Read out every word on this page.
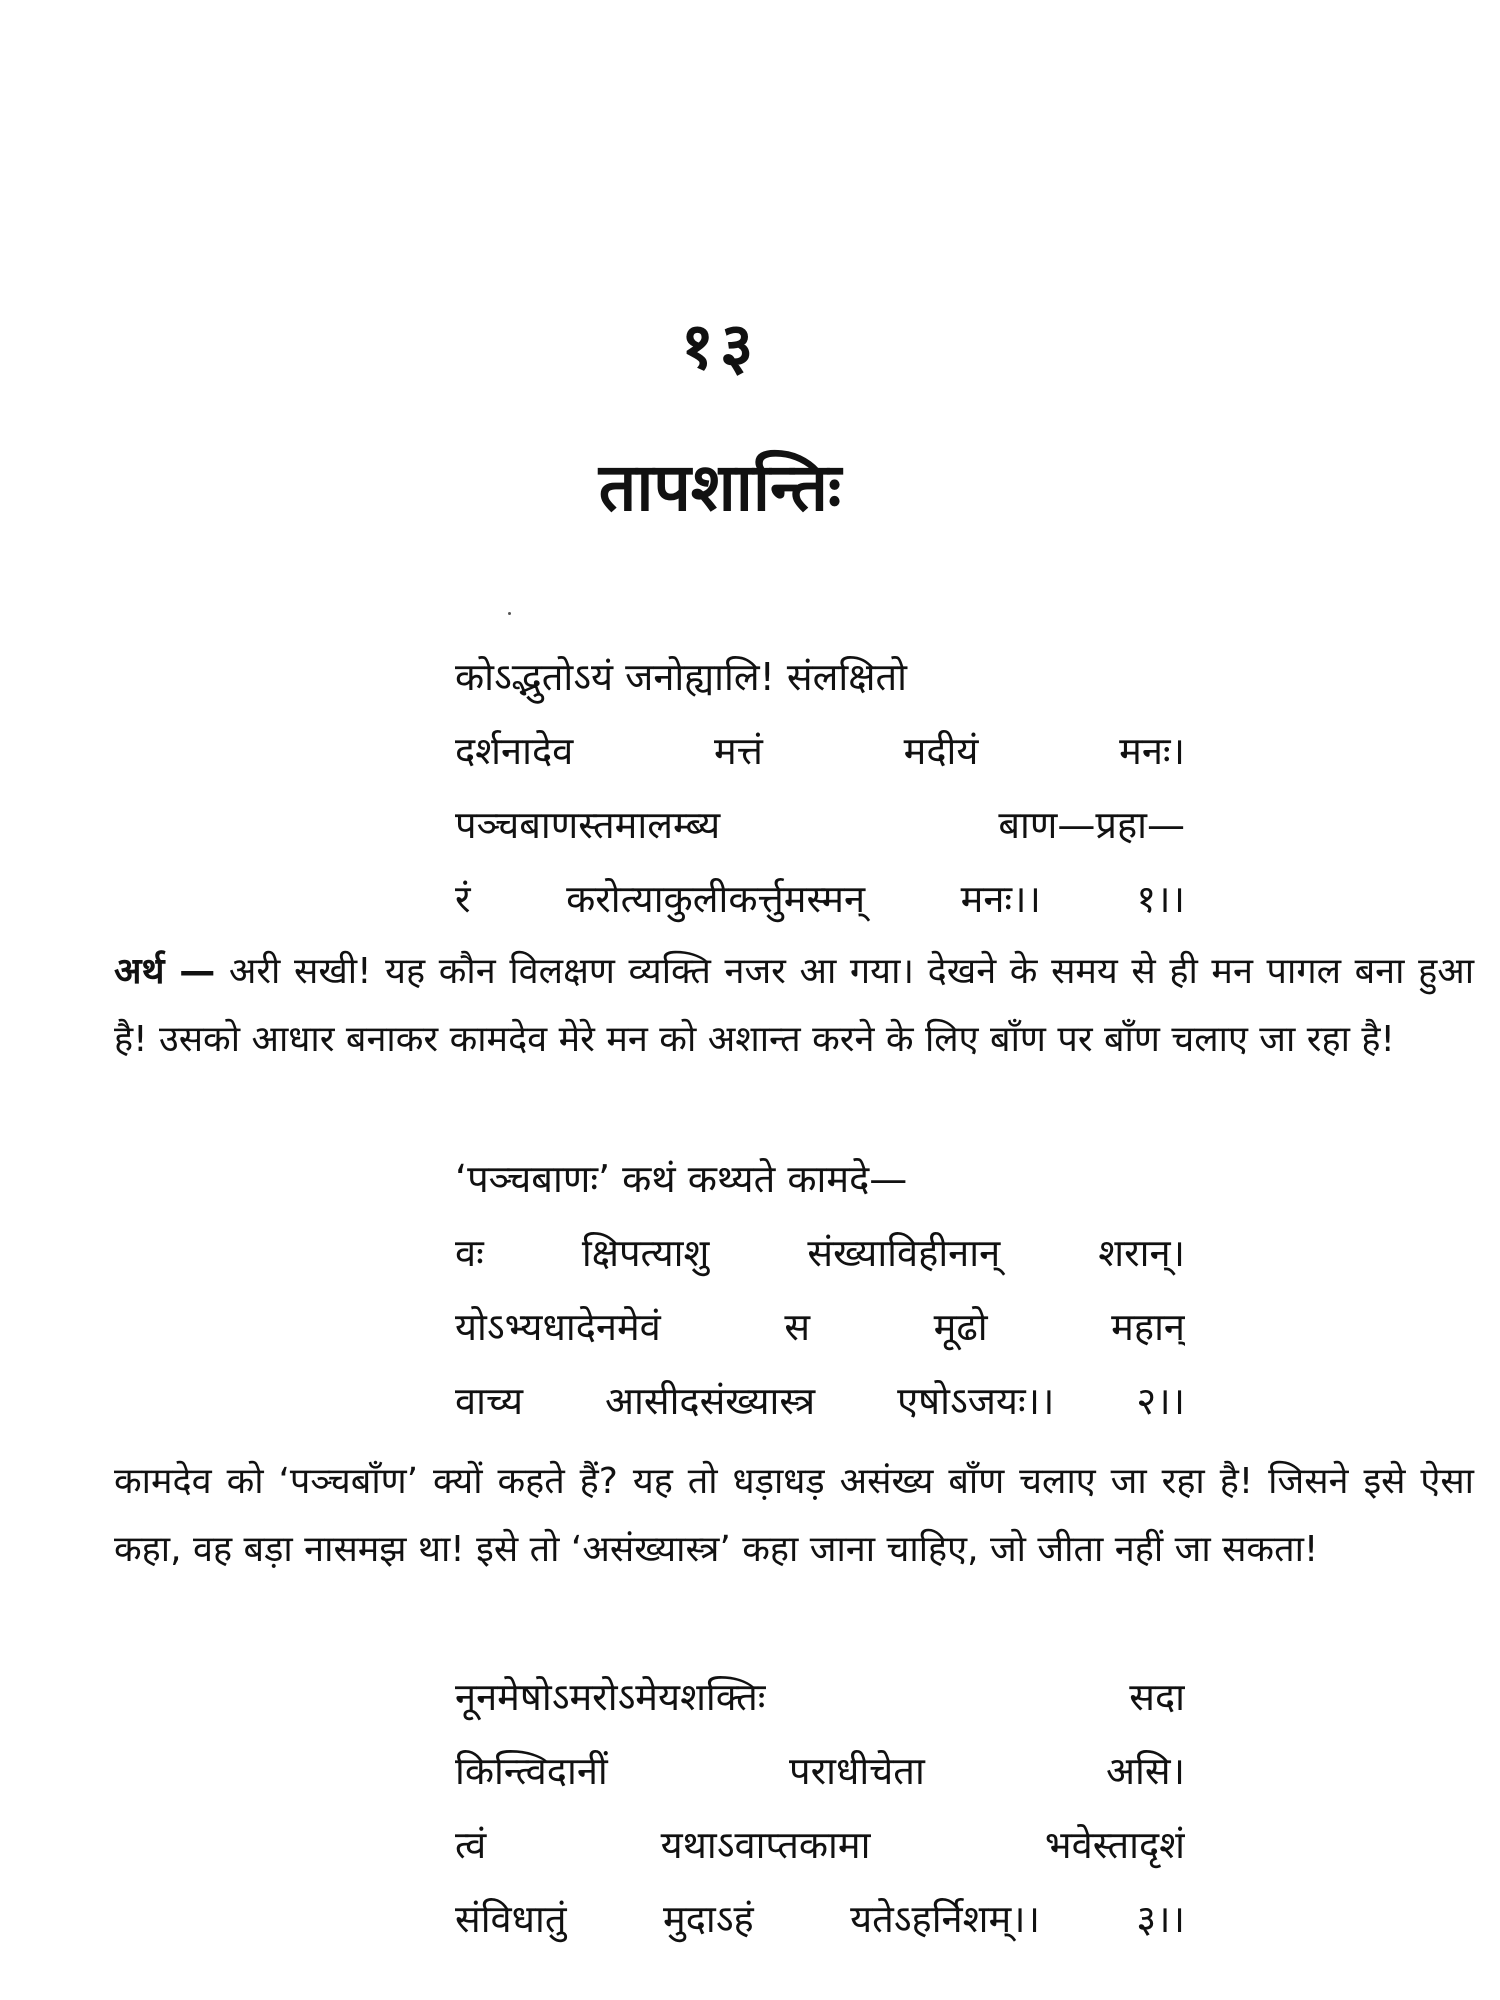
१३
तापशान्तिः
कोऽद्भुतोऽयं जनोह्यालि! संलक्षितो
दर्शनादेव मत्तं मदीयं मनः।
पञ्चबाणस्तमालम्ब्य बाण—प्रहा—
रं करोत्याकुलीकर्त्तुमस्मन् मनः।। १।।
अर्थ — अरी सखी! यह कौन विलक्षण व्यक्ति नजर आ गया। देखने के समय से ही मन पागल बना हुआ है! उसको आधार बनाकर कामदेव मेरे मन को अशान्त करने के लिए बाँण पर बाँण चलाए जा रहा है!
‘पञ्चबाणः’ कथं कथ्यते कामदे—
वः क्षिपत्याशु संख्याविहीनान् शरान्।
योऽभ्यधादेनमेवं स मूढो महान्
वाच्य आसीदसंख्यास्त्र एषोऽजयः।। २।।
कामदेव को ‘पञ्चबाँण’ क्यों कहते हैं? यह तो धड़ाधड़ असंख्य बाँण चलाए जा रहा है! जिसने इसे ऐसा कहा, वह बड़ा नासमझ था! इसे तो ‘असंख्यास्त्र’ कहा जाना चाहिए, जो जीता नहीं जा सकता!
नूनमेषोऽमरोऽमेयशक्तिः सदा
किन्त्विदानीं पराधीचेता असि।
त्वं यथाऽवाप्तकामा भवेस्तादृशं
संविधातुं मुदाऽहं यतेऽहर्निशम्।। ३।।
